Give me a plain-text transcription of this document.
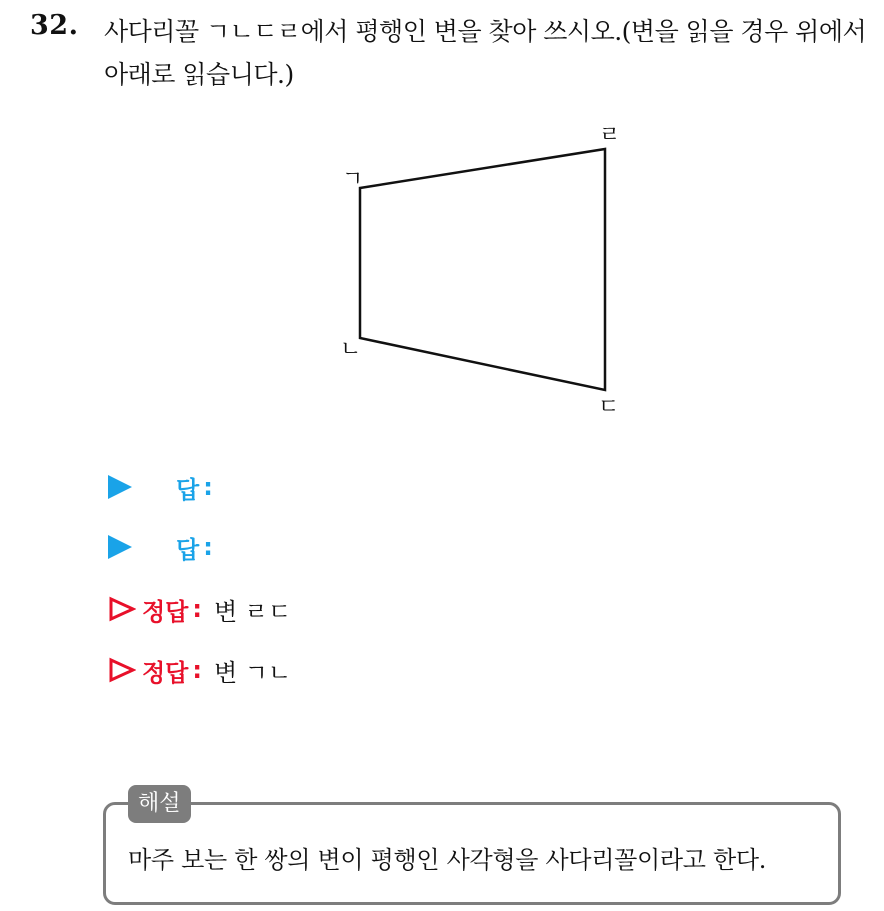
32. 사다리꼴 ㄱㄴㄷㄹ에서 평행인 변을 찾아 쓰시오.(변을 읽을 경우 위에서 아래로 읽습니다.)
ㄱ
ㄴ
ㄷ
ㄹ
답 :
답 :
정답 : 변 ㄹㄷ
정답 : 변 ㄱㄴ
해설
마주 보는 한 쌍의 변이 평행인 사각형을 사다리꼴이라고 한다.
